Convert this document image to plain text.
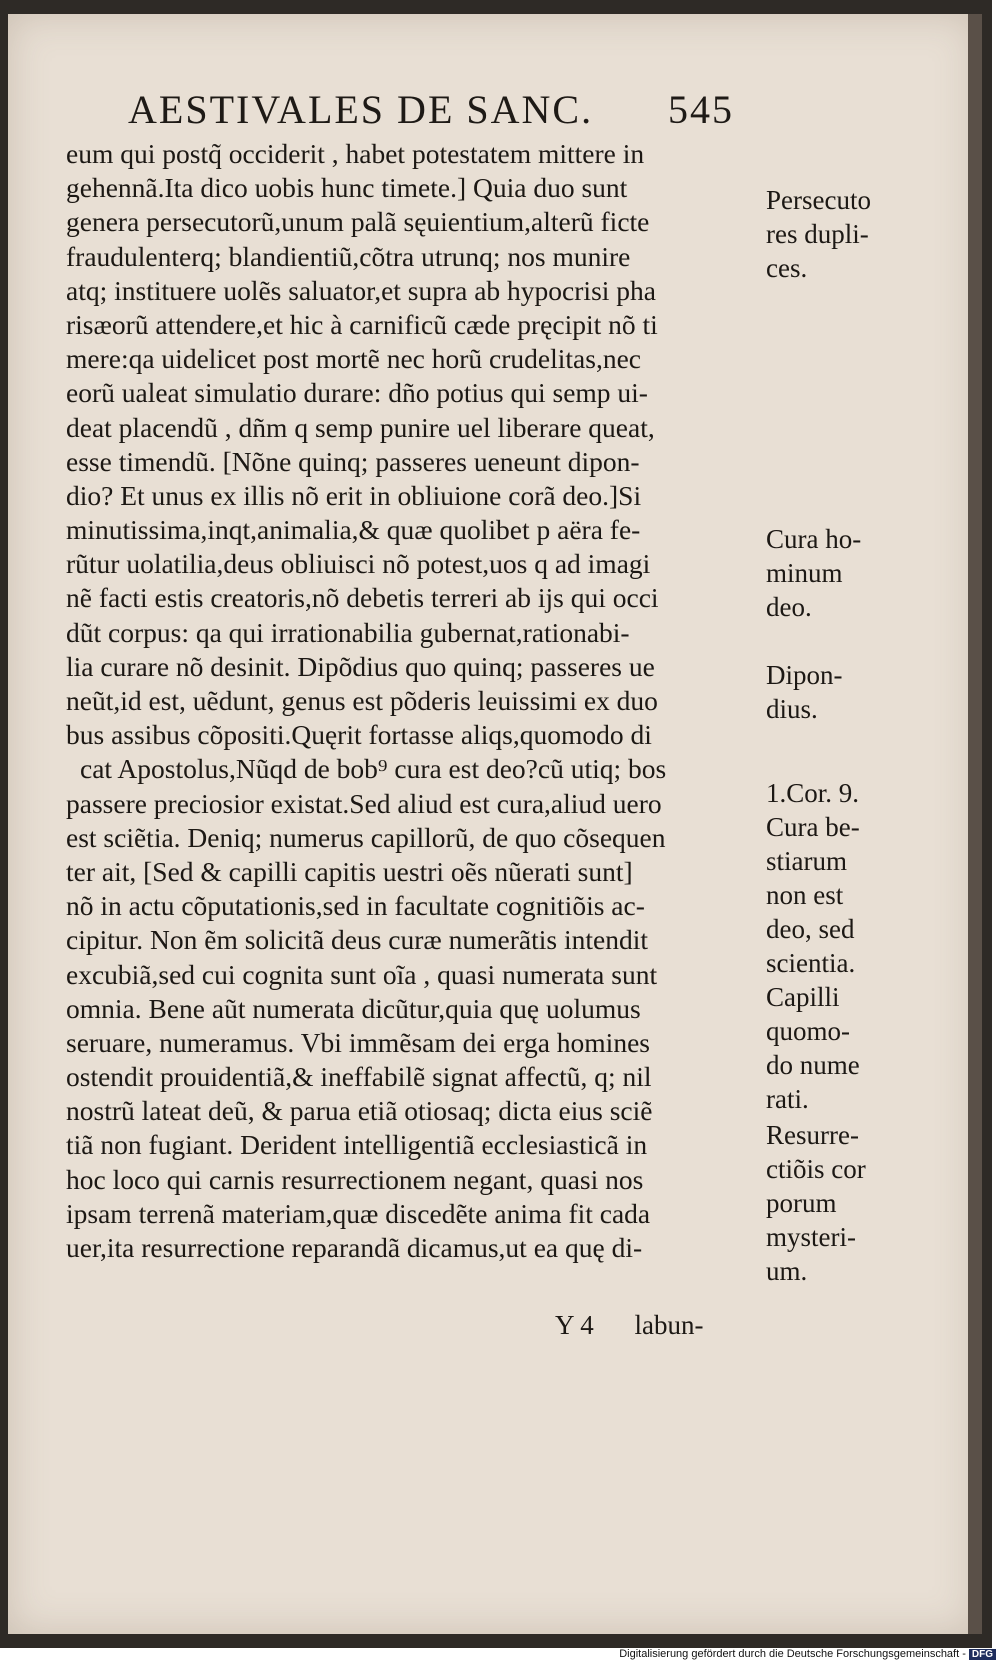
AESTIVALES DE SANC. 545
eum qui postq̃ occiderit , habet potestatem mittere in
gehennã.Ita dico uobis hunc timete.] Quia duo sunt
genera persecutorũ,unum palã sęuientium,alterũ ficte
fraudulenterq; blandientiũ,cõtra utrunq; nos munire
atq; instituere uolẽs saluator,et supra ab hypocrisi pha
risæorũ attendere,et hic à carnificũ cæde pręcipit nõ ti
mere:qa uidelicet post mortẽ nec horũ crudelitas,nec
eorũ ualeat simulatio durare: dño potius qui semp ui-
deat placendũ , dñm q semp punire uel liberare queat,
esse timendũ. [Nõne quinq; passeres ueneunt dipon-
dio? Et unus ex illis nõ erit in obliuione corã deo.]Si
minutissima,inqt,animalia,& quæ quolibet p aëra fe-
rũtur uolatilia,deus obliuisci nõ potest,uos q ad imagi
nẽ facti estis creatoris,nõ debetis terreri ab ijs qui occi
dũt corpus: qa qui irrationabilia gubernat,rationabi-
lia curare nõ desinit. Dipõdius quo quinq; passeres ue
neũt,id est, uẽdunt, genus est põderis leuissimi ex duo
bus assibus cõpositi.Quęrit fortasse aliqs,quomodo di
cat Apostolus,Nũqd de bob⁹ cura est deo?cũ utiq; bos
passere preciosior existat.Sed aliud est cura,aliud uero
est sciẽtia. Deniq; numerus capillorũ, de quo cõsequen
ter ait, [Sed & capilli capitis uestri oẽs nũerati sunt]
nõ in actu cõputationis,sed in facultate cognitiõis ac-
cipitur. Non ẽm solicitã deus curæ numerãtis intendit
excubiã,sed cui cognita sunt oĩa , quasi numerata sunt
omnia. Bene aũt numerata dicũtur,quia quę uolumus
seruare, numeramus. Vbi immẽsam dei erga homines
ostendit prouidentiã,& ineffabilẽ signat affectũ, q; nil
nostrũ lateat deũ, & parua etiã otiosaq; dicta eius sciẽ
tiã non fugiant. Derident intelligentiã ecclesiasticã in
hoc loco qui carnis resurrectionem negant, quasi nos
ipsam terrenã materiam,quæ discedẽte anima fit cada
uer,ita resurrectione reparandã dicamus,ut ea quę di-
Persecuto
res dupli-
ces.
Cura ho-
minum
deo.
Dipon-
dius.
1.Cor. 9.
Cura be-
stiarum
non est
deo, sed
scientia.
Capilli
quomo-
do nume
rati.
Resurre-
ctiõis cor
porum
mysteri-
um.
Y 4 labun-
Digitalisierung gefördert durch die Deutsche Forschungsgemeinschaft - DFG
